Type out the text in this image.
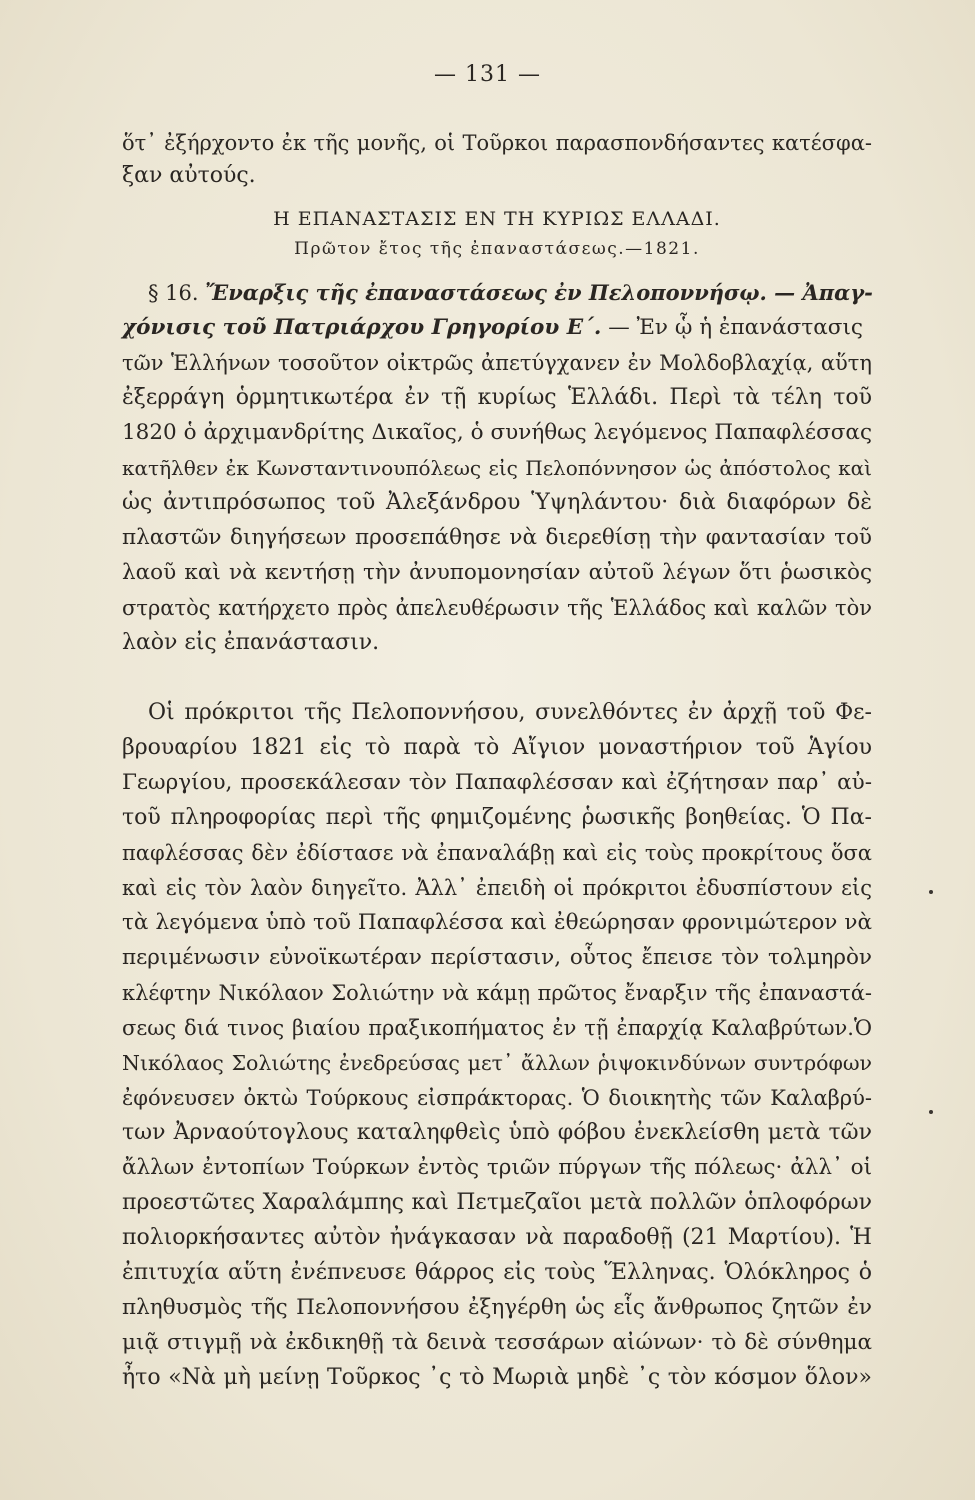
— 131 —
ὅτ᾽ ἐξήρχοντο ἐκ τῆς μονῆς, οἱ Τοῦρκοι παρασπονδήσαντες κατέσφα-
ξαν αὐτούς.
Η ΕΠΑΝΑΣΤΑΣΙΣ ΕΝ ΤΗ ΚΥΡΙΩΣ ΕΛΛΑΔΙ.
Πρῶτον ἔτος τῆς ἐπαναστάσεως.—1821.
§ 16. Ἔναρξις τῆς ἐπαναστάσεως ἐν Πελοποννήσῳ. — Ἀπαγ-
χόνισις τοῦ Πατριάρχου Γρηγορίου Ε΄. — Ἐν ᾧ ἡ ἐπανάστασις
τῶν Ἑλλήνων τοσοῦτον οἰκτρῶς ἀπετύγχανεν ἐν Μολδοβλαχίᾳ, αὕτη
ἐξερράγη ὁρμητικωτέρα ἐν τῇ κυρίως Ἑλλάδι. Περὶ τὰ τέλη τοῦ
1820 ὁ ἀρχιμανδρίτης Δικαῖος, ὁ συνήθως λεγόμενος Παπαφλέσσας
κατῆλθεν ἐκ Κωνσταντινουπόλεως εἰς Πελοπόννησον ὡς ἀπόστολος καὶ
ὡς ἀντιπρόσωπος τοῦ Ἀλεξάνδρου Ὑψηλάντου· διὰ διαφόρων δὲ
πλαστῶν διηγήσεων προσεπάθησε νὰ διερεθίσῃ τὴν φαντασίαν τοῦ
λαοῦ καὶ νὰ κεντήσῃ τὴν ἀνυπομονησίαν αὐτοῦ λέγων ὅτι ῥωσικὸς
στρατὸς κατήρχετο πρὸς ἀπελευθέρωσιν τῆς Ἑλλάδος καὶ καλῶν τὸν
λαὸν εἰς ἐπανάστασιν.
Οἱ πρόκριτοι τῆς Πελοποννήσου, συνελθόντες ἐν ἀρχῇ τοῦ Φε-
βρουαρίου 1821 εἰς τὸ παρὰ τὸ Αἴγιον μοναστήριον τοῦ Ἁγίου
Γεωργίου, προσεκάλεσαν τὸν Παπαφλέσσαν καὶ ἐζήτησαν παρ᾽ αὐ-
τοῦ πληροφορίας περὶ τῆς φημιζομένης ῥωσικῆς βοηθείας. Ὁ Πα-
παφλέσσας δὲν ἐδίστασε νὰ ἐπαναλάβῃ καὶ εἰς τοὺς προκρίτους ὅσα
καὶ εἰς τὸν λαὸν διηγεῖτο. Ἀλλ᾽ ἐπειδὴ οἱ πρόκριτοι ἐδυσπίστουν εἰς
τὰ λεγόμενα ὑπὸ τοῦ Παπαφλέσσα καὶ ἐθεώρησαν φρονιμώτερον νὰ
περιμένωσιν εὐνοϊκωτέραν περίστασιν, οὗτος ἔπεισε τὸν τολμηρὸν
κλέφτην Νικόλαον Σολιώτην νὰ κάμῃ πρῶτος ἔναρξιν τῆς ἐπαναστά-
σεως διά τινος βιαίου πραξικοπήματος ἐν τῇ ἐπαρχίᾳ Καλαβρύτων.Ὁ
Νικόλαος Σολιώτης ἐνεδρεύσας μετ᾽ ἄλλων ῥιψοκινδύνων συντρόφων
ἐφόνευσεν ὀκτὼ Τούρκους εἰσπράκτορας. Ὁ διοικητὴς τῶν Καλαβρύ-
των Ἀρναούτογλους καταληφθεὶς ὑπὸ φόβου ἐνεκλείσθη μετὰ τῶν
ἄλλων ἐντοπίων Τούρκων ἐντὸς τριῶν πύργων τῆς πόλεως· ἀλλ᾽ οἱ
προεστῶτες Χαραλάμπης καὶ Πετμεζαῖοι μετὰ πολλῶν ὁπλοφόρων
πολιορκήσαντες αὐτὸν ἠνάγκασαν νὰ παραδοθῇ (21 Μαρτίου). Ἡ
ἐπιτυχία αὕτη ἐνέπνευσε θάρρος εἰς τοὺς Ἕλληνας. Ὁλόκληρος ὁ
πληθυσμὸς τῆς Πελοποννήσου ἐξηγέρθη ὡς εἷς ἄνθρωπος ζητῶν ἐν
μιᾷ στιγμῇ νὰ ἐκδικηθῇ τὰ δεινὰ τεσσάρων αἰώνων· τὸ δὲ σύνθημα
ἦτο «Νὰ μὴ μείνῃ Τοῦρκος ᾽ς τὸ Μωριὰ μηδὲ ᾽ς τὸν κόσμον ὅλον»
